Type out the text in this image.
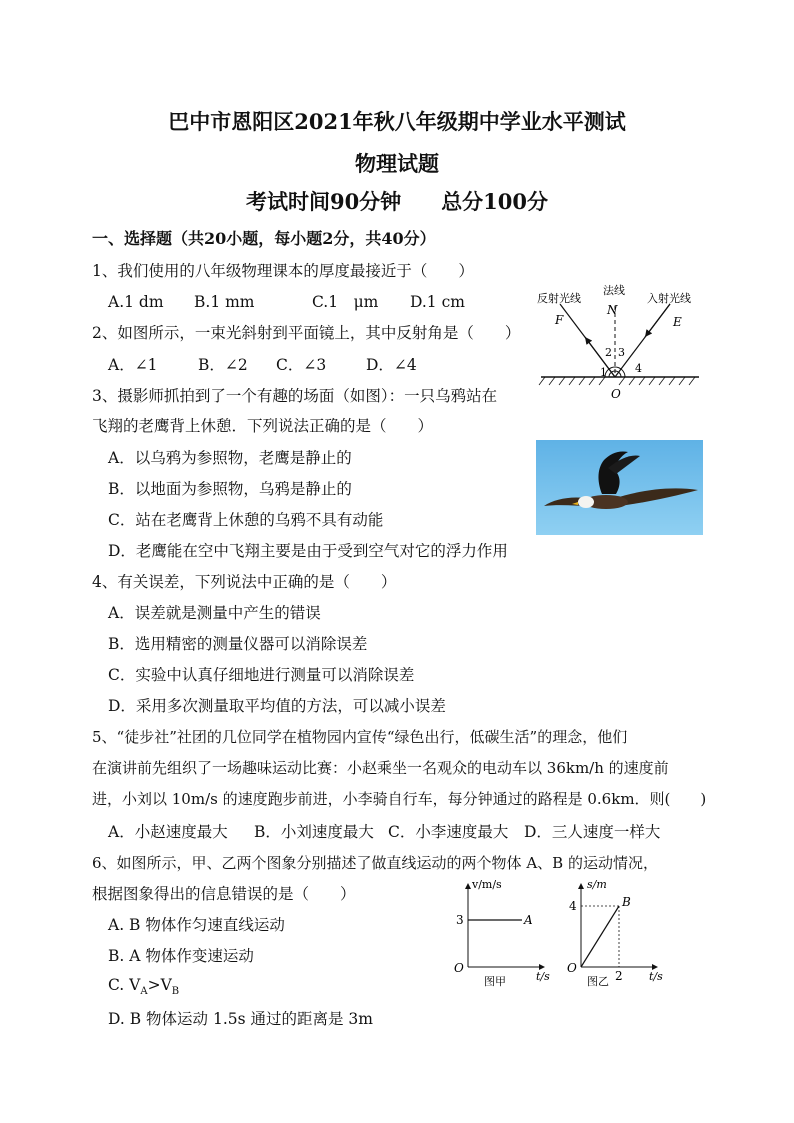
巴中市恩阳区2021年秋八年级期中学业水平测试
物理试题
考试时间90分钟 总分100分
一、选择题（共20小题，每小题2分，共40分）
1、我们使用的八年级物理课本的厚度最接近于（　　）
A.1 dm B.1 mm	C.1　μm D.1 cm
2、如图所示，一束光斜射到平面镜上，其中反射角是（　　）
A．∠1	B．∠2 C．∠3	D．∠4
反射光线
法线
入射光线
F
N
E
1
2 3
4
O
3、摄影师抓拍到了一个有趣的场面（如图）：一只乌鸦站在
飞翔的老鹰背上休憩．下列说法正确的是（　　）
A．以乌鸦为参照物，老鹰是静止的
B．以地面为参照物，乌鸦是静止的
C．站在老鹰背上休憩的乌鸦不具有动能
D．老鹰能在空中飞翔主要是由于受到空气对它的浮力作用
4、有关误差，下列说法中正确的是（　　）
A．误差就是测量中产生的错误
B．选用精密的测量仪器可以消除误差
C．实验中认真仔细地进行测量可以消除误差
D．采用多次测量取平均值的方法，可以减小误差
5、“徒步社”社团的几位同学在植物园内宣传“绿色出行，低碳生活”的理念，他们
在演讲前先组织了一场趣味运动比赛：小赵乘坐一名观众的电动车以 36km/h 的速度前
进，小刘以 10m/s 的速度跑步前进，小李骑自行车，每分钟通过的路程是 0.6km．则(　　)
A．小赵速度最大 B．小刘速度最大 C．小李速度最大 D．三人速度一样大
6、如图所示，甲、乙两个图象分别描述了做直线运动的两个物体 A、B 的运动情况，
根据图象得出的信息错误的是（　　）
A. B 物体作匀速直线运动
B. A 物体作变速运动
C. $V_A>V_B$
D. B 物体运动 1.5s 通过的距离是 3m
v/m/s
t/s
O
3	A
图甲
s/m
t/s
O
4
2
B
图乙
